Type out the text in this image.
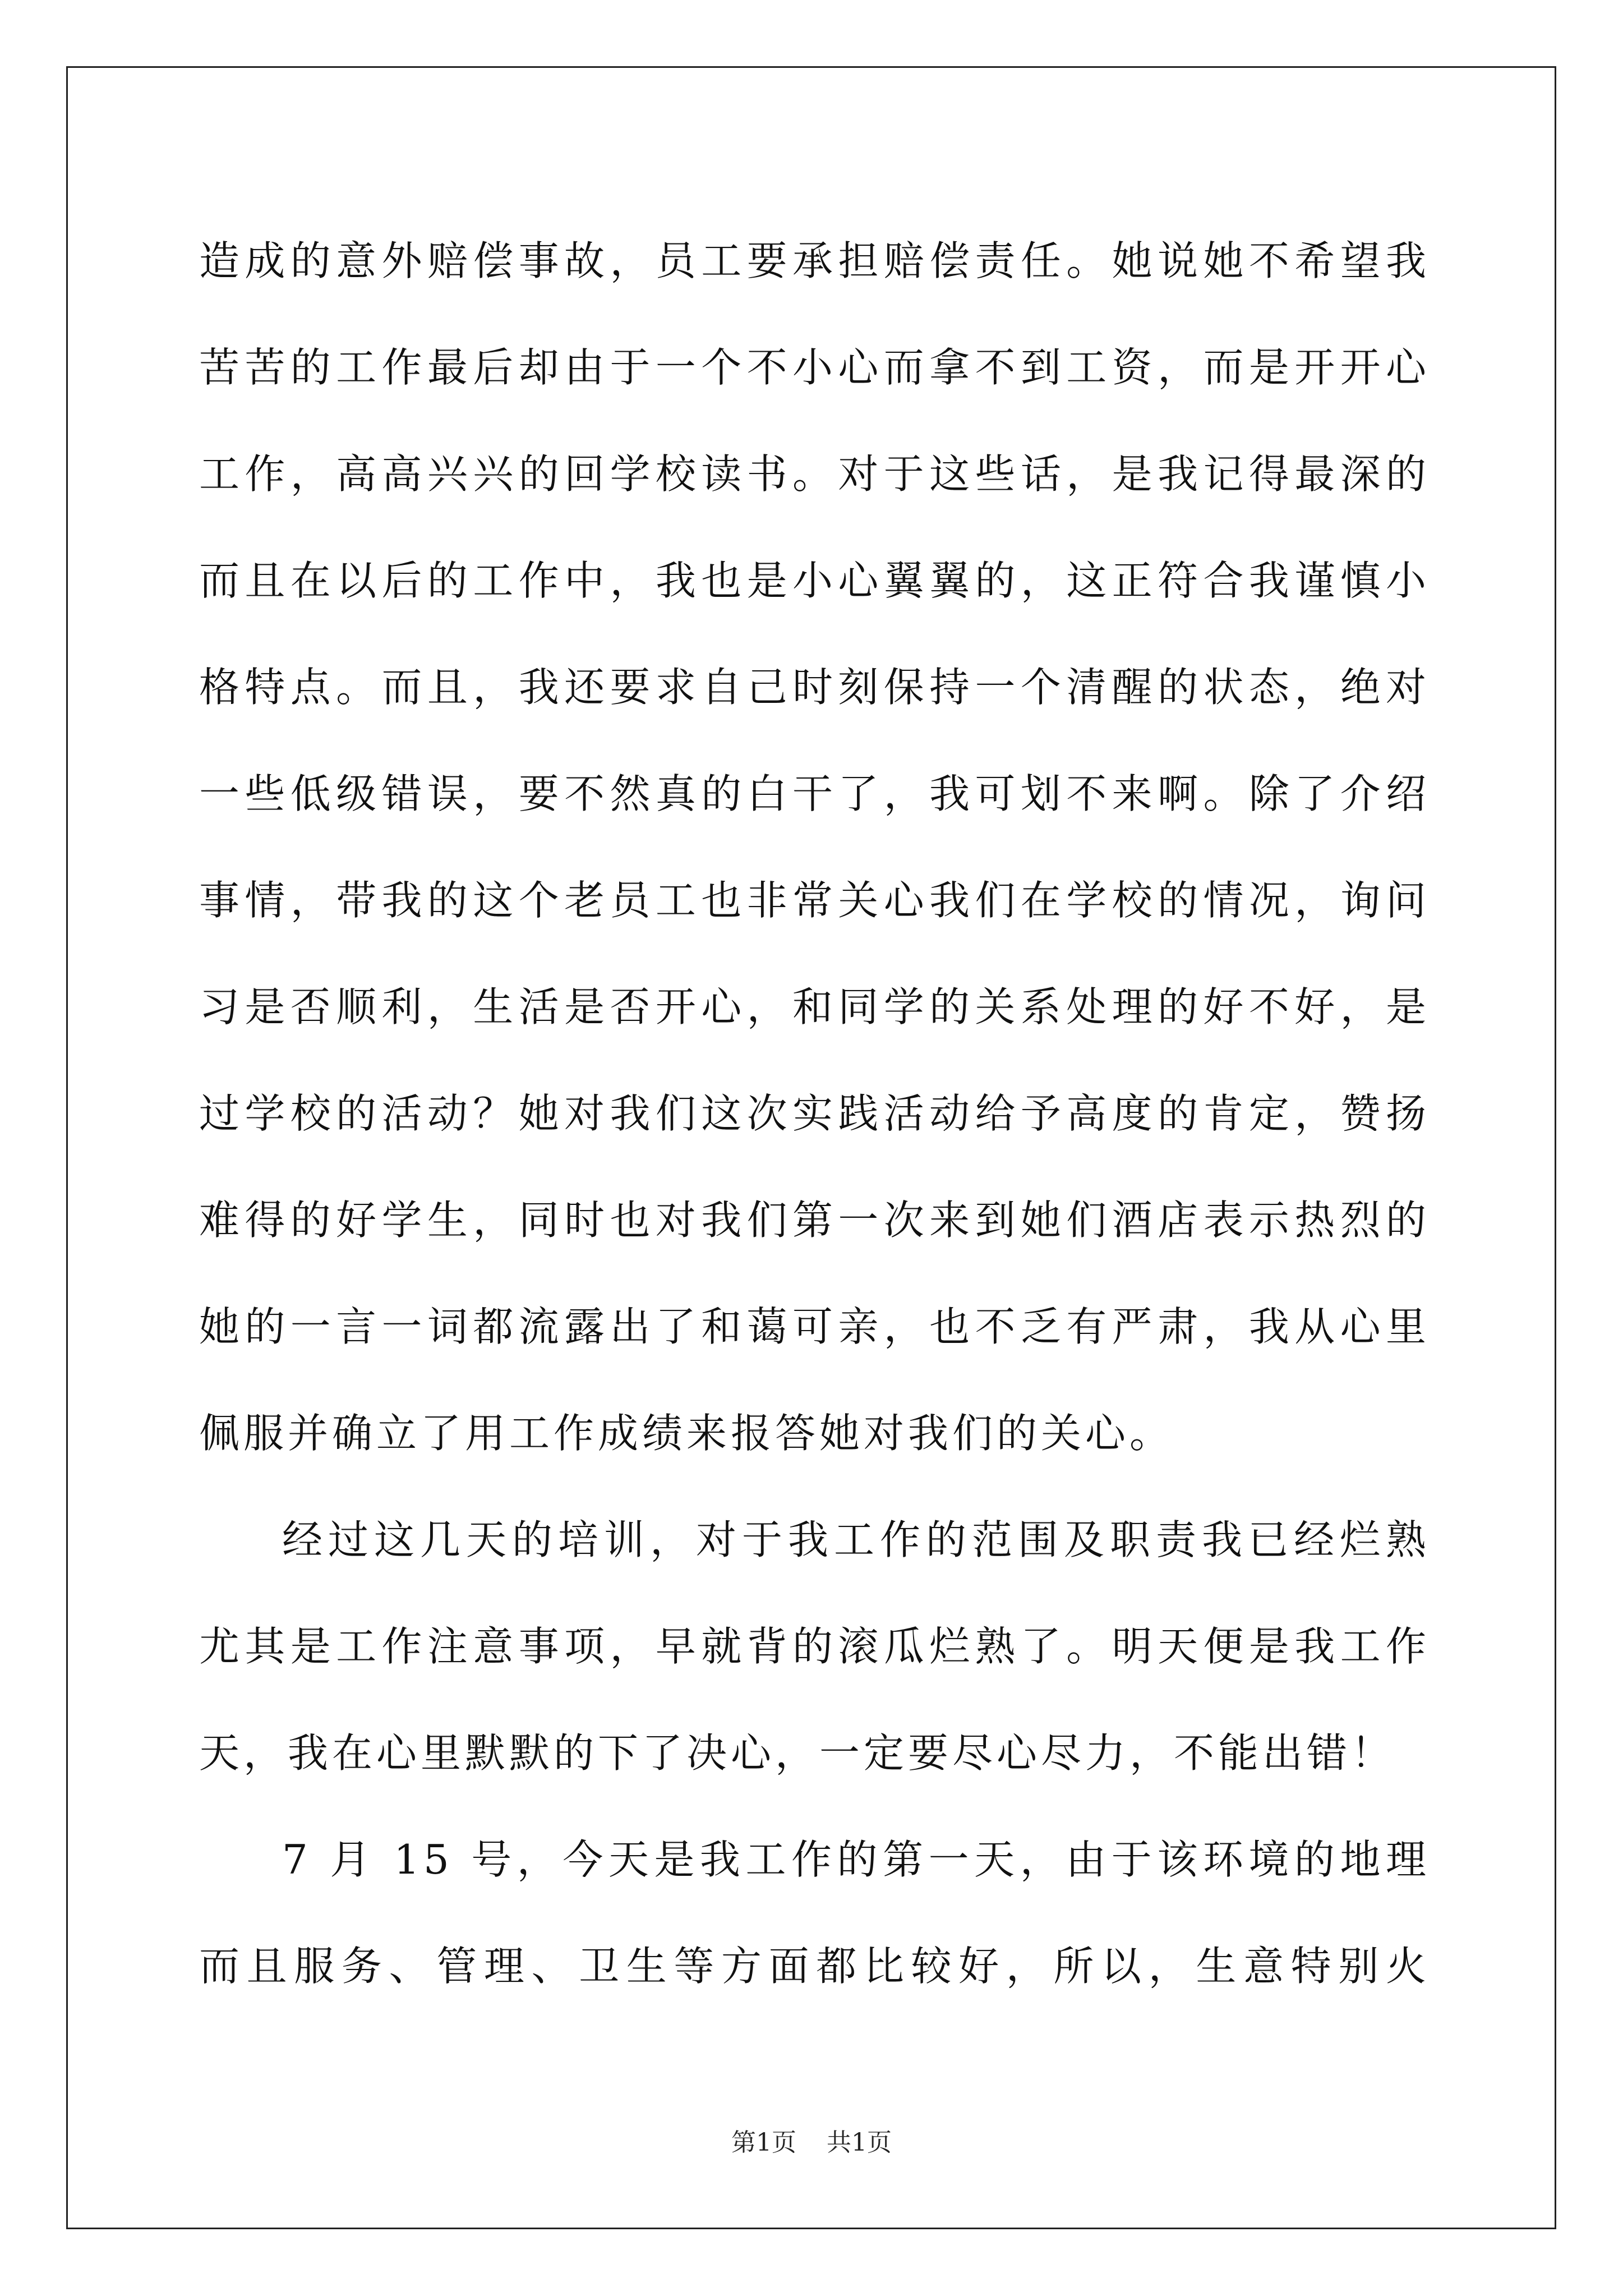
造成的意外赔偿事故，员工要承担赔偿责任。她说她不希望我
苦苦的工作最后却由于一个不小心而拿不到工资，而是开开心
工作，高高兴兴的回学校读书。对于这些话，是我记得最深的
而且在以后的工作中，我也是小心翼翼的，这正符合我谨慎小
格特点。而且，我还要求自己时刻保持一个清醒的状态，绝对
一些低级错误，要不然真的白干了，我可划不来啊。除了介绍
事情，带我的这个老员工也非常关心我们在学校的情况，询问
习是否顺利，生活是否开心，和同学的关系处理的好不好，是
过学校的活动？她对我们这次实践活动给予高度的肯定，赞扬
难得的好学生，同时也对我们第一次来到她们酒店表示热烈的
她的一言一词都流露出了和蔼可亲，也不乏有严肃，我从心里
佩服并确立了用工作成绩来报答她对我们的关心。
经过这几天的培训，对于我工作的范围及职责我已经烂熟
尤其是工作注意事项，早就背的滚瓜烂熟了。明天便是我工作
天，我在心里默默的下了决心，一定要尽心尽力，不能出错！
7 月 15 号，今天是我工作的第一天，由于该环境的地理
而且服务、管理、卫生等方面都比较好，所以，生意特别火
第1页 共1页
